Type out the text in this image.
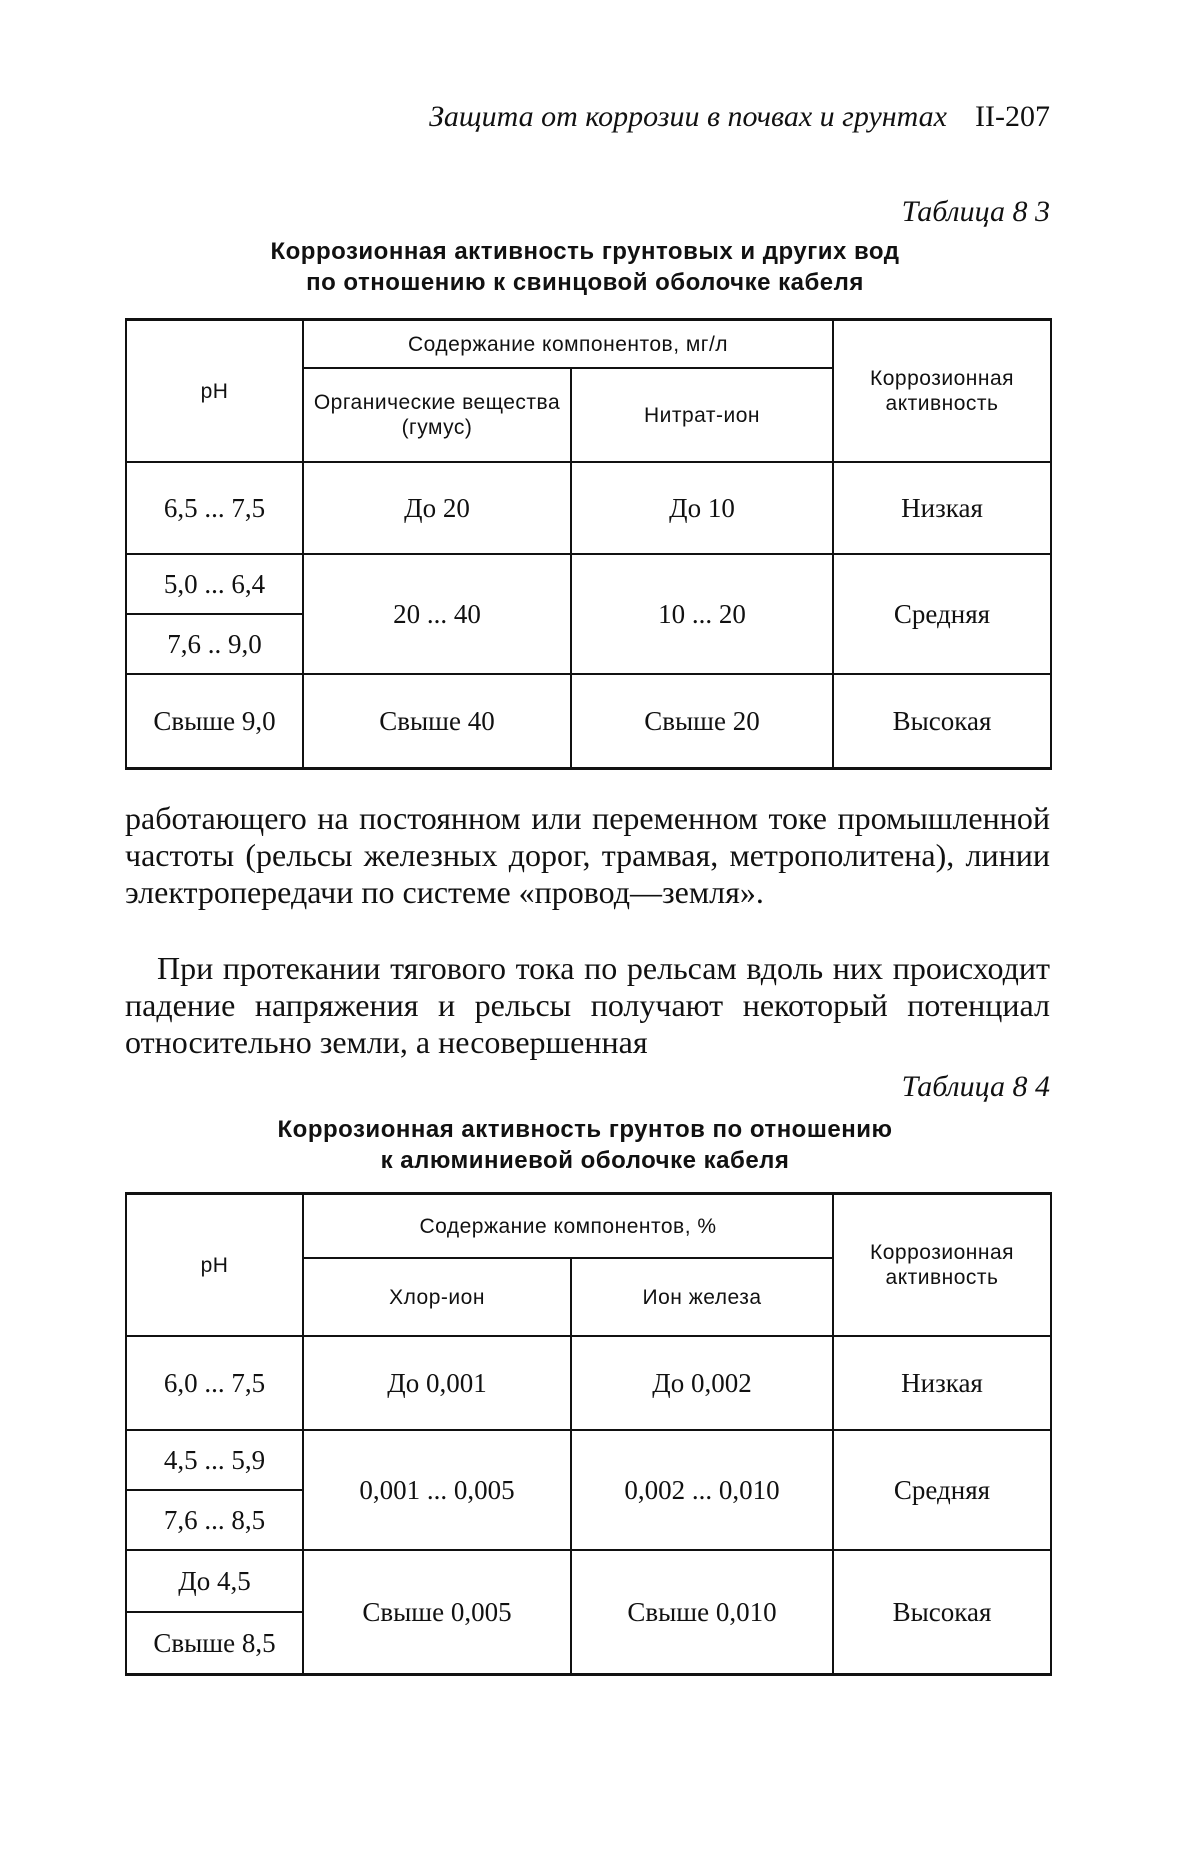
Защита от коррозии в почвах и грунтах II-207
Таблица 8 3
Коррозионная активность грунтовых и других вод
по отношению к свинцовой оболочке кабеля
pH	Содержание компонентов, мг/л		Коррозионная активность
	Органические вещества (гумус)	Нитрат-ион	
6,5 ... 7,5	До 20	До 10	Низкая
5,0 ... 6,4	20 ... 40	10 ... 20	Средняя
7,6 .. 9,0			
Свыше 9,0	Свыше 40	Свыше 20	Высокая

работающего на постоянном или переменном токе промышленной частоты (рельсы железных дорог, трамвая, метрополитена), линии электропередачи по системе «провод—земля».

При протекании тягового тока по рельсам вдоль них происходит падение напряжения и рельсы получают некоторый потенциал относительно земли, а несовершенная

Таблица 8 4
Коррозионная активность грунтов по отношению
к алюминиевой оболочке кабеля
pH	Содержание компонентов, %		Коррозионная активность
	Хлор-ион	Ион железа	
6,0 ... 7,5	До 0,001	До 0,002	Низкая
4,5 ... 5,9	0,001 ... 0,005	0,002 ... 0,010	Средняя
7,6 ... 8,5			
До 4,5	Свыше 0,005	Свыше 0,010	Высокая
Свыше 8,5			
